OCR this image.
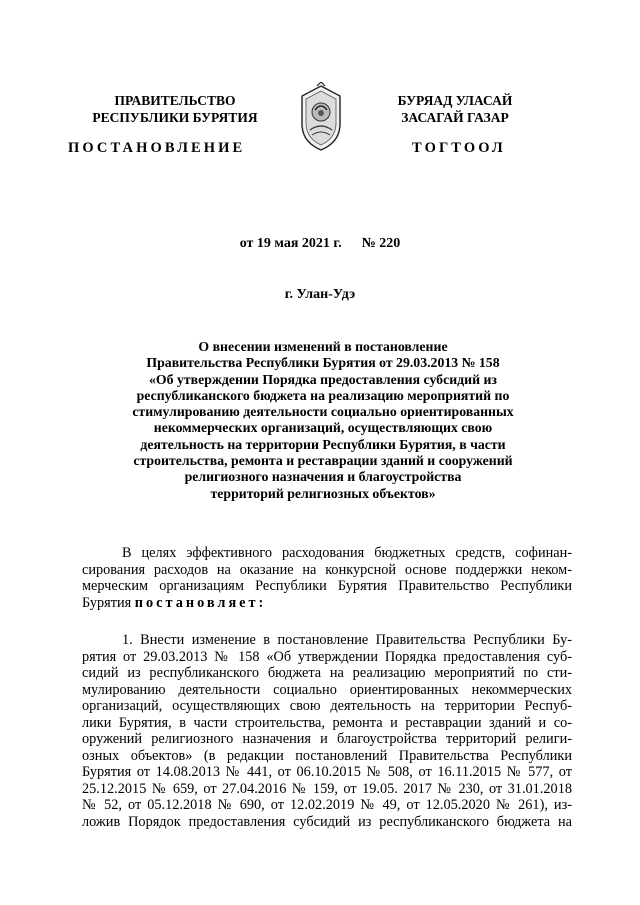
ПРАВИТЕЛЬСТВО
РЕСПУБЛИКИ БУРЯТИЯ
БУРЯАД УЛАСАЙ
ЗАСАГАЙ ГАЗАР
ПОСТАНОВЛЕНИЕ	ТОГТООЛ
от 19 мая 2021 г. № 220
г. Улан-Удэ
О внесении изменений в постановление
Правительства Республики Бурятия от 29.03.2013 № 158
«Об утверждении Порядка предоставления субсидий из
республиканского бюджета на реализацию мероприятий по
стимулированию деятельности социально ориентированных
некоммерческих организаций, осуществляющих свою
деятельность на территории Республики Бурятия, в части
строительства, ремонта и реставрации зданий и сооружений
религиозного назначения и благоустройства
территорий религиозных объектов»
В целях эффективного расходования бюджетных средств, софинан-
сирования расходов на оказание на конкурсной основе поддержки неком-
мерческим организациям Республики Бурятия Правительство Республики
Бурятия постановляет:
1. Внести изменение в постановление Правительства Республики Бу-
рятия от 29.03.2013 № 158 «Об утверждении Порядка предоставления суб-
сидий из республиканского бюджета на реализацию мероприятий по сти-
мулированию деятельности социально ориентированных некоммерческих
организаций, осуществляющих свою деятельность на территории Респуб-
лики Бурятия, в части строительства, ремонта и реставрации зданий и со-
оружений религиозного назначения и благоустройства территорий религи-
озных объектов» (в редакции постановлений Правительства Республики
Бурятия от 14.08.2013 № 441, от 06.10.2015 № 508, от 16.11.2015 № 577, от
25.12.2015 № 659, от 27.04.2016 № 159, от 19.05. 2017 № 230, от 31.01.2018
№ 52, от 05.12.2018 № 690, от 12.02.2019 № 49, от 12.05.2020 № 261), из-
ложив Порядок предоставления субсидий из республиканского бюджета на
